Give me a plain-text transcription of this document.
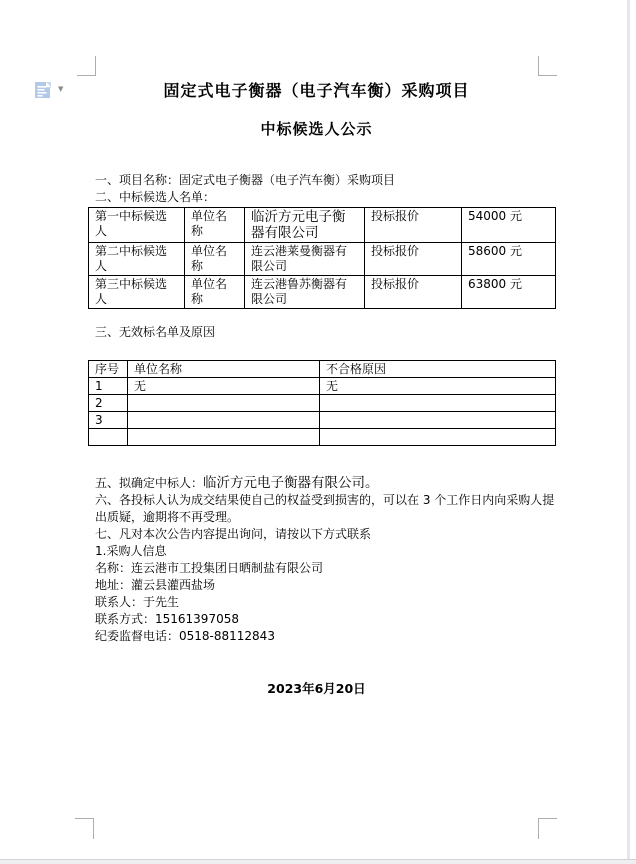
▼	固定式电子衡器（电子汽车衡）采购项目
中标候选人公示
一、项目名称：固定式电子衡器（电子汽车衡）采购项目
二、中标候选人名单：
第一中标候选人	单位名称	临沂方元电子衡器有限公司	投标报价	54000 元
第二中标候选人	单位名称	连云港莱曼衡器有限公司	投标报价	58600 元
第三中标候选人	单位名称	连云港鲁苏衡器有限公司	投标报价	63800 元
三、无效标名单及原因
序号	单位名称	不合格原因
1	无	无
2		
3		

五、拟确定中标人：临沂方元电子衡器有限公司。
六、各投标人认为成交结果使自己的权益受到损害的，可以在 3 个工作日内向采购人提出质疑，逾期将不再受理。
七、凡对本次公告内容提出询问，请按以下方式联系
1.采购人信息
名称：连云港市工投集团日晒制盐有限公司
地址：灌云县灌西盐场
联系人：于先生
联系方式：15161397058
纪委监督电话：0518-88112843
2023年6月20日
